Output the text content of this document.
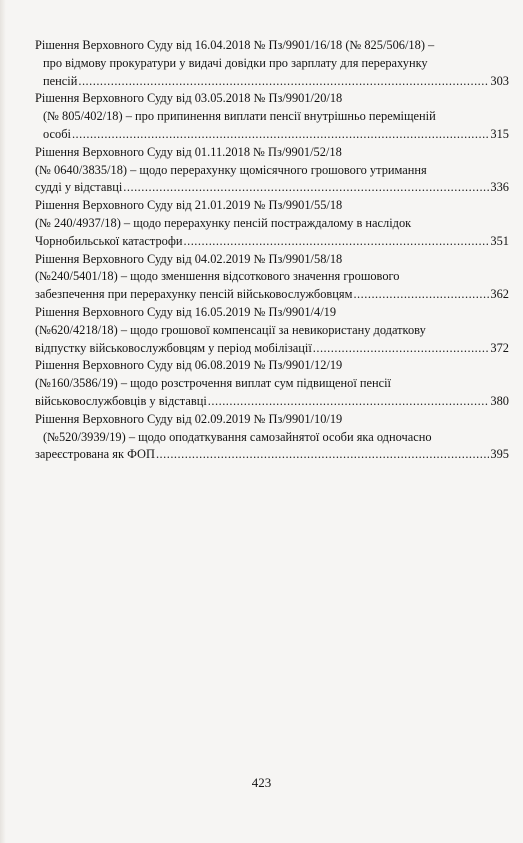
Рішення Верховного Суду від 16.04.2018 № Пз/9901/16/18 (№ 825/506/18) –
про відмову прокуратури у видачі довідки про зарплату для перерахунку
пенсій .....	303
Рішення Верховного Суду від 03.05.2018 № Пз/9901/20/18
(№ 805/402/18) – про припинення виплати пенсії внутрішньо переміщеній
особі .....	315
Рішення Верховного Суду від 01.11.2018 № Пз/9901/52/18
(№ 0640/3835/18) – щодо перерахунку щомісячного грошового утримання
судді у відставці .....	336
Рішення Верховного Суду від 21.01.2019 № Пз/9901/55/18
(№ 240/4937/18) – щодо перерахунку пенсій постраждалому в наслідок
Чорнобильської катастрофи .....	351
Рішення Верховного Суду від 04.02.2019 № Пз/9901/58/18
(№240/5401/18) – щодо зменшення відсоткового значення грошового
забезпечення при перерахунку пенсій військовослужбовцям .....	362
Рішення Верховного Суду від 16.05.2019 № Пз/9901/4/19
(№620/4218/18) – щодо грошової компенсації за невикористану додаткову
відпустку військовослужбовцям у період мобілізації .....	372
Рішення Верховного Суду від 06.08.2019 № Пз/9901/12/19
(№160/3586/19) – щодо розстрочення виплат сум підвищеної пенсії
військовослужбовців у відставці .....	380
Рішення Верховного Суду від 02.09.2019 № Пз/9901/10/19
(№520/3939/19) – щодо оподаткування самозайнятої особи яка одночасно
зареєстрована як ФОП .....	395
423
